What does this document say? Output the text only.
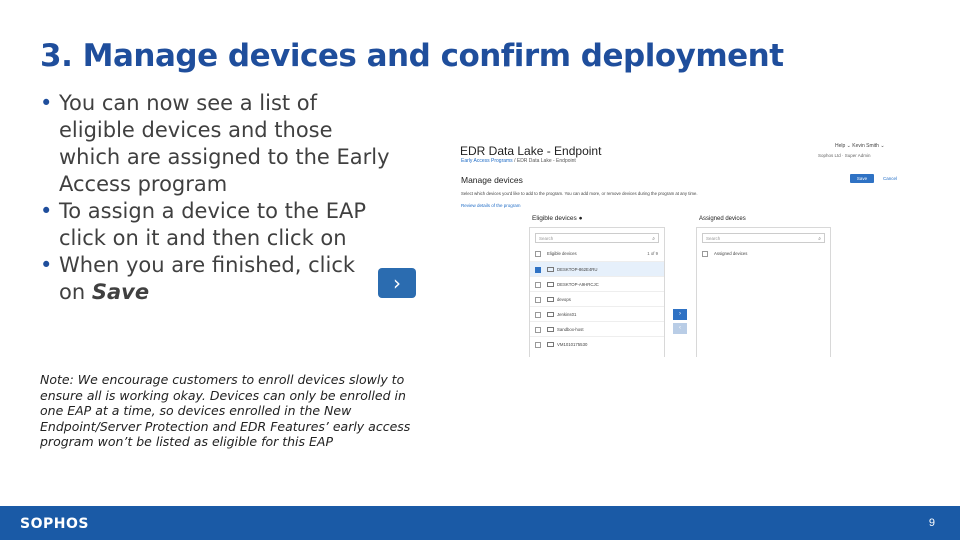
3. Manage devices and confirm deployment
• You can now see a list of
eligible devices and those
which are assigned to the Early
Access program
• To assign a device to the EAP
click on it and then click on
• When you are finished, click
on Save	›

Note: We encourage customers to enroll devices slowly to ensure all is working okay. Devices can only be enrolled in one EAP at a time, so devices enrolled in the New Endpoint/Server Protection and EDR Features’ early access program won’t be listed as eligible for this EAP

EDR Data Lake - Endpoint
Early Access Programs / EDR Data Lake - Endpoint
Help ⌄ Kevin Smith ⌄
Sophos Ltd · Super Admin
Save	Cancel
Manage devices
Select which devices you'd like to add to the program. You can add more, or remove devices during the program at any time.
Review details of the program
Eligible devices ●	Assigned devices
Search	⌕
Eligible devices	1 of 9
DESKTOP-862E4RU
DESKTOP-A9HRCJC
devops
Jenkins01
Sandbox-host
VM1010175530
›
‹
Search	⌕
Assigned devices
SOPHOS	9
